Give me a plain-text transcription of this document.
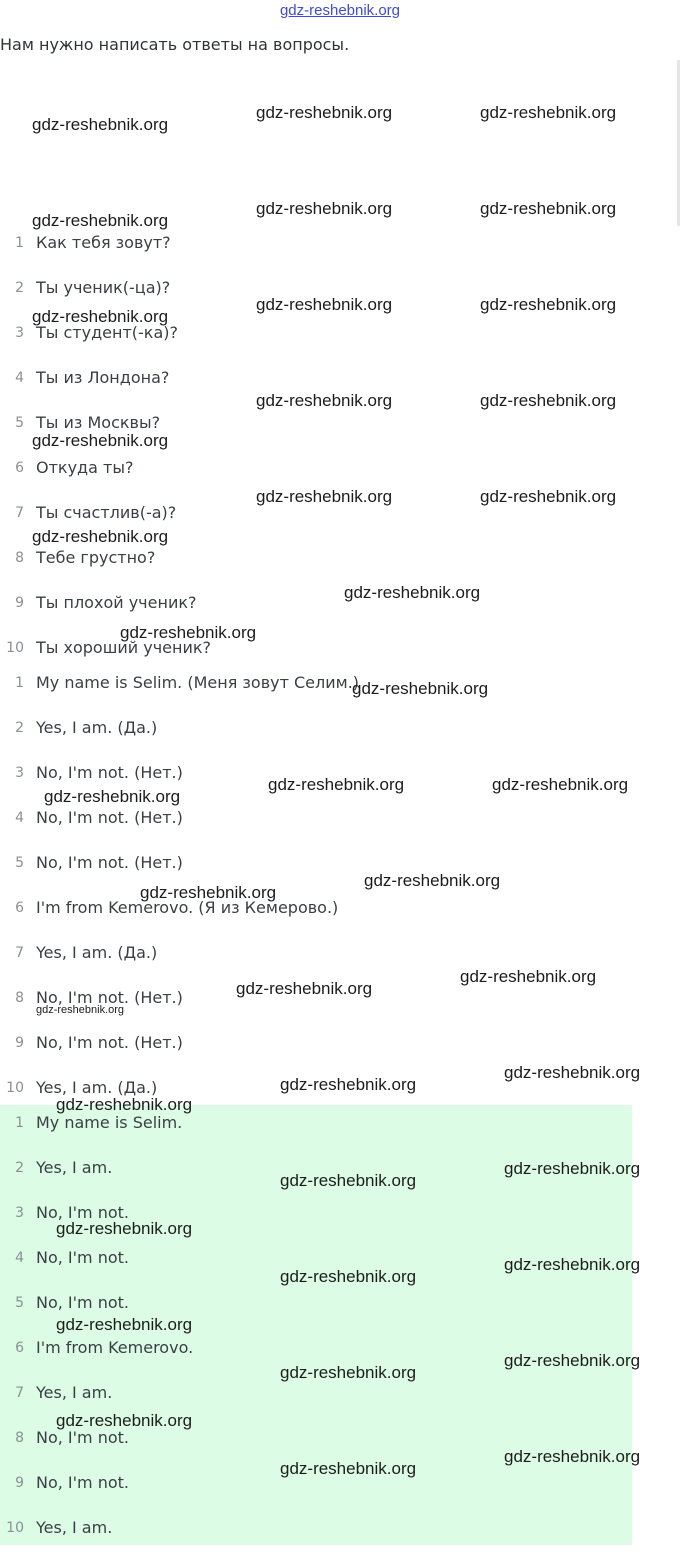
gdz-reshebnik.org
Нам нужно написать ответы на вопросы.
1 Как тебя зовут?
2 Ты ученик(-ца)?
3 Ты студент(-ка)?
4 Ты из Лондона?
5 Ты из Москвы?
6 Откуда ты?
7 Ты счастлив(-а)?
8 Тебе грустно?
9 Ты плохой ученик?
10 Ты хороший ученик?
1 My name is Selim. (Меня зовут Селим.)
2 Yes, I am. (Да.)
3 No, I'm not. (Нет.)
4 No, I'm not. (Нет.)
5 No, I'm not. (Нет.)
6 I'm from Kemerovo. (Я из Кемерово.)
7 Yes, I am. (Да.)
8 No, I'm not. (Нет.)
9 No, I'm not. (Нет.)
10 Yes, I am. (Да.)
1 My name is Selim.
2 Yes, I am.
3 No, I'm not.
4 No, I'm not.
5 No, I'm not.
6 I'm from Kemerovo.
7 Yes, I am.
8 No, I'm not.
9 No, I'm not.
10 Yes, I am.
gdz-reshebnik.org
gdz-reshebnik.org	gdz-reshebnik.org
gdz-reshebnik.org
gdz-reshebnik.org	gdz-reshebnik.org
gdz-reshebnik.org
gdz-reshebnik.org	gdz-reshebnik.org
gdz-reshebnik.org	gdz-reshebnik.org
gdz-reshebnik.org
gdz-reshebnik.org	gdz-reshebnik.org
gdz-reshebnik.org
gdz-reshebnik.org
gdz-reshebnik.org
gdz-reshebnik.org
gdz-reshebnik.org	gdz-reshebnik.org
gdz-reshebnik.org
gdz-reshebnik.org
gdz-reshebnik.org
gdz-reshebnik.org
gdz-reshebnik.org
gdz-reshebnik.org
gdz-reshebnik.org
gdz-reshebnik.org
gdz-reshebnik.org
gdz-reshebnik.org
gdz-reshebnik.org
gdz-reshebnik.org
gdz-reshebnik.org
gdz-reshebnik.org
gdz-reshebnik.org
gdz-reshebnik.org
gdz-reshebnik.org
gdz-reshebnik.org
gdz-reshebnik.org
gdz-reshebnik.org
